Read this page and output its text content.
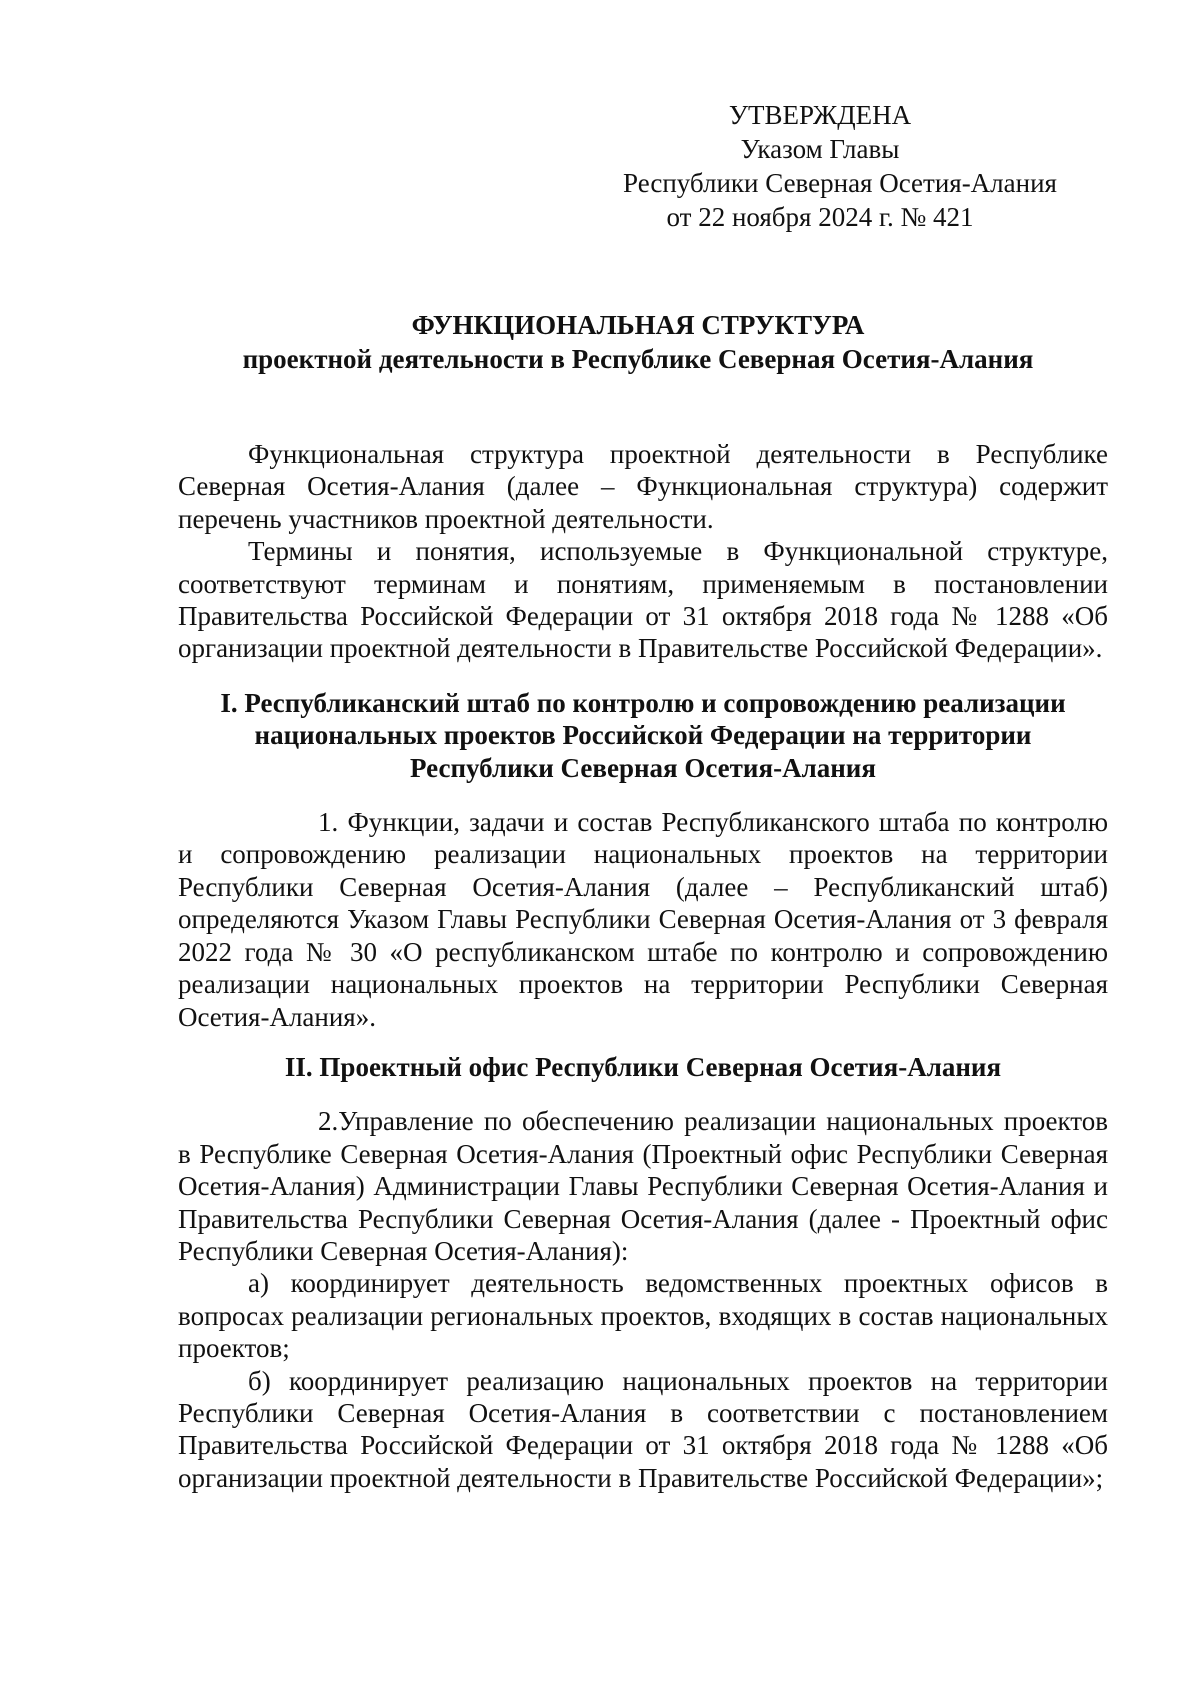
УТВЕРЖДЕНА
Указом Главы
Республики Северная Осетия-Алания
от 22 ноября 2024 г. № 421
ФУНКЦИОНАЛЬНАЯ СТРУКТУРА
проектной деятельности в Республике Северная Осетия-Алания

Функциональная структура проектной деятельности в Республике Северная Осетия-Алания (далее – Функциональная структура) содержит перечень участников проектной деятельности.

Термины и понятия, используемые в Функциональной структуре, соответствуют терминам и понятиям, применяемым в постановлении Правительства Российской Федерации от 31 октября 2018 года № 1288 «Об организации проектной деятельности в Правительстве Российской Федерации».

I. Республиканский штаб по контролю и сопровождению реализации
национальных проектов Российской Федерации на территории
Республики Северная Осетия-Алания

1. Функции, задачи и состав Республиканского штаба по контролю и сопровождению реализации национальных проектов на территории Республики Северная Осетия-Алания (далее – Республиканский штаб) определяются Указом Главы Республики Северная Осетия-Алания от 3 февраля 2022 года № 30 «О республиканском штабе по контролю и сопровождению реализации национальных проектов на территории Республики Северная Осетия-Алания».

II. Проектный офис Республики Северная Осетия-Алания

2.Управление по обеспечению реализации национальных проектов в Республике Северная Осетия-Алания (Проектный офис Республики Северная Осетия-Алания) Администрации Главы Республики Северная Осетия-Алания и Правительства Республики Северная Осетия-Алания (далее - Проектный офис Республики Северная Осетия-Алания):

а) координирует деятельность ведомственных проектных офисов в вопросах реализации региональных проектов, входящих в состав национальных проектов;

б) координирует реализацию национальных проектов на территории Республики Северная Осетия-Алания в соответствии с постановлением Правительства Российской Федерации от 31 октября 2018 года № 1288 «Об организации проектной деятельности в Правительстве Российской Федерации»;
